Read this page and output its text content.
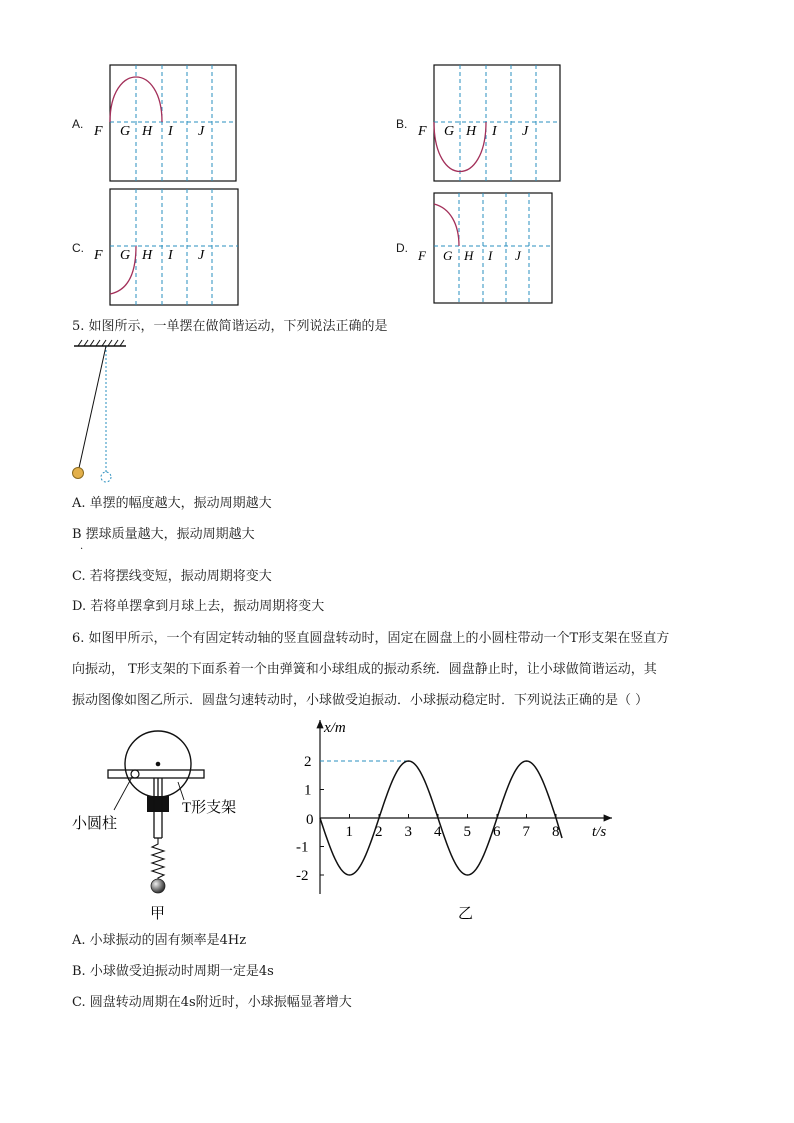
A. F G H I J	B. F G H I J
C. F G H I J	D. F G H I J
5. 如图所示，一单摆在做简谐运动，下列说法正确的是
A. 单摆的幅度越大，振动周期越大
B 摆球质量越大，振动周期越大
.
C. 若将摆线变短，振动周期将变大
D. 若将单摆拿到月球上去，振动周期将变大
6. 如图甲所示，一个有固定转动轴的竖直圆盘转动时，固定在圆盘上的小圆柱带动一个T形支架在竖直方
向振动， T形支架的下面系着一个由弹簧和小球组成的振动系统．圆盘静止时，让小球做简谐运动，其
振动图像如图乙所示．圆盘匀速转动时，小球做受迫振动．小球振动稳定时．下列说法正确的是（ ）
小圆柱
T形支架
甲
1 2 3 4 5 6 7 8
2
1
-1
-2
x/m
t/s
0
乙
A. 小球振动的固有频率是4Hz
B. 小球做受迫振动时周期一定是4s
C. 圆盘转动周期在4s附近时，小球振幅显著增大
